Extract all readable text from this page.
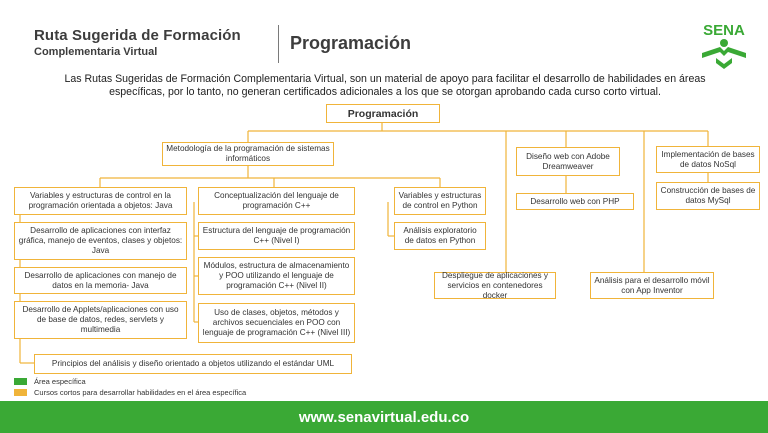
Ruta Sugerida de Formación
Complementaria Virtual	Programación
SENA
Las Rutas Sugeridas de Formación Complementaria Virtual, son un material de apoyo para facilitar el desarrollo de habilidades en áreas
específicas, por lo tanto, no generan certificados adicionales a los que se otorgan aprobando cada curso corto virtual.
Programación
Metodología de la programación de sistemas informáticos
Variables y estructuras de control en la programación orientada a objetos: Java
Desarrollo de aplicaciones con interfaz gráfica, manejo de eventos, clases y objetos: Java
Desarrollo de aplicaciones con manejo de datos en la memoria- Java
Desarrollo de Applets/aplicaciones con uso de base de datos, redes, servlets y multimedia
Conceptualización del lenguaje de programación C++
Estructura del lenguaje de programación C++ (Nivel I)
Módulos, estructura de almacenamiento y POO utilizando el lenguaje de programación C++ (Nivel II)
Uso de clases, objetos, métodos y archivos secuenciales en POO con lenguaje de programación C++ (Nivel III)
Variables y estructuras de control en Python
Análisis exploratorio de datos en Python
Principios del análisis y diseño orientado a objetos utilizando el estándar UML
Diseño web con Adobe Dreamweaver
Desarrollo web con PHP
Implementación de bases de datos NoSql
Construcción de bases de datos MySql
Despliegue de aplicaciones y servicios en contenedores docker
Análisis para el desarrollo móvil con App Inventor
Área específica
Cursos cortos para desarrollar habilidades en el área específica
www.senavirtual.edu.co
